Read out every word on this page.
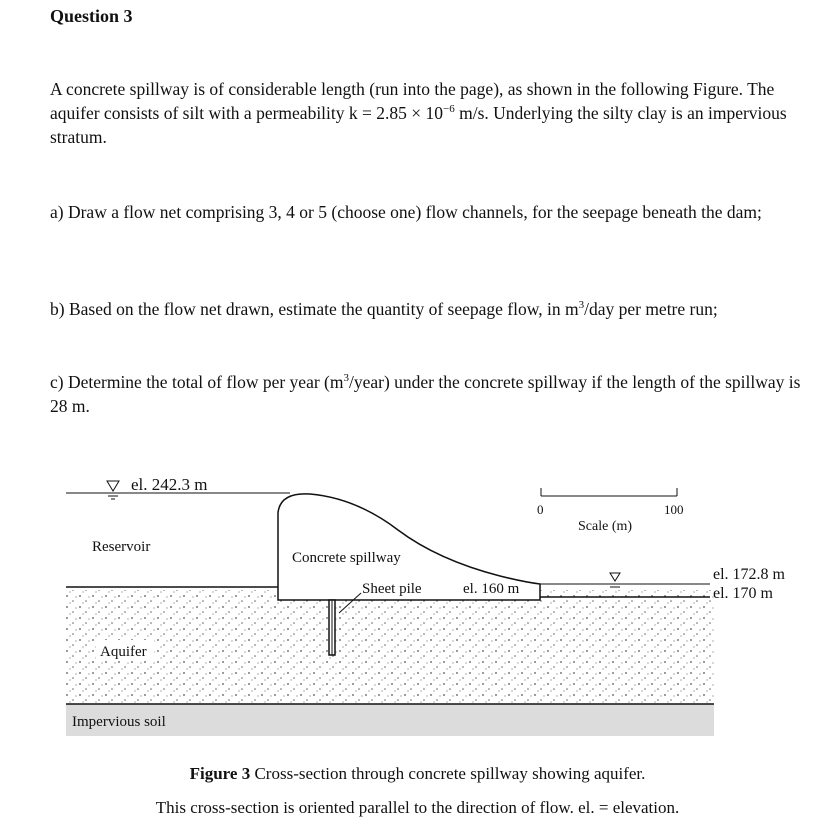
Question 3
A concrete spillway is of considerable length (run into the page), as shown in the following Figure. The aquifer consists of silt with a permeability $k = 2.85 \times 10^{-6}$ m/s. Underlying the silty clay is an impervious stratum.
a) Draw a flow net comprising 3, 4 or 5 (choose one) flow channels, for the seepage beneath the dam;
b) Based on the flow net drawn, estimate the quantity of seepage flow, in $m^3$/day per metre run;
c) Determine the total of flow per year $(m^3/year)$ under the concrete spillway if the length of the spillway is 28 m.
el. 242.3 m
Reservoir
Concrete spillway
Sheet pile	el. 160 m
el. 172.8 m
el. 170 m
Aquifer
Impervious soil
0	100
Scale (m)
Figure 3 Cross-section through concrete spillway showing aquifer.
This cross-section is oriented parallel to the direction of flow. el. = elevation.
